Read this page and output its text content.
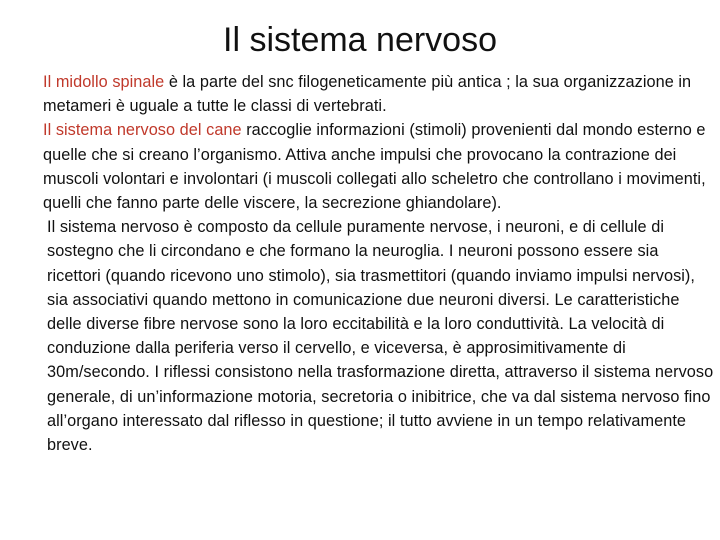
Il sistema nervoso

Il midollo spinale è la parte del snc filogeneticamente più antica ; la sua organizzazione in metameri è uguale a tutte le classi di vertebrati.

Il sistema nervoso del cane raccoglie informazioni (stimoli) provenienti dal mondo esterno e quelle che si creano l’organismo. Attiva anche impulsi che provocano la contrazione dei muscoli volontari e involontari (i muscoli collegati allo scheletro che controllano i movimenti, quelli che fanno parte delle viscere, la secrezione ghiandolare).

Il sistema nervoso è composto da cellule puramente nervose, i neuroni, e di cellule di sostegno che li circondano e che formano la neuroglia. I neuroni possono essere sia ricettori (quando ricevono uno stimolo), sia trasmettitori (quando inviamo impulsi nervosi), sia associativi quando mettono in comunicazione due neuroni diversi. Le caratteristiche delle diverse fibre nervose sono la loro eccitabilità e la loro conduttività. La velocità di conduzione dalla periferia verso il cervello, e viceversa, è approsimitivamente di 30m/secondo. I riflessi consistono nella trasformazione diretta, attraverso il sistema nervoso generale, di un’informazione motoria, secretoria o inibitrice, che va dal sistema nervoso fino all’organo interessato dal riflesso in questione; il tutto avviene in un tempo relativamente breve.
